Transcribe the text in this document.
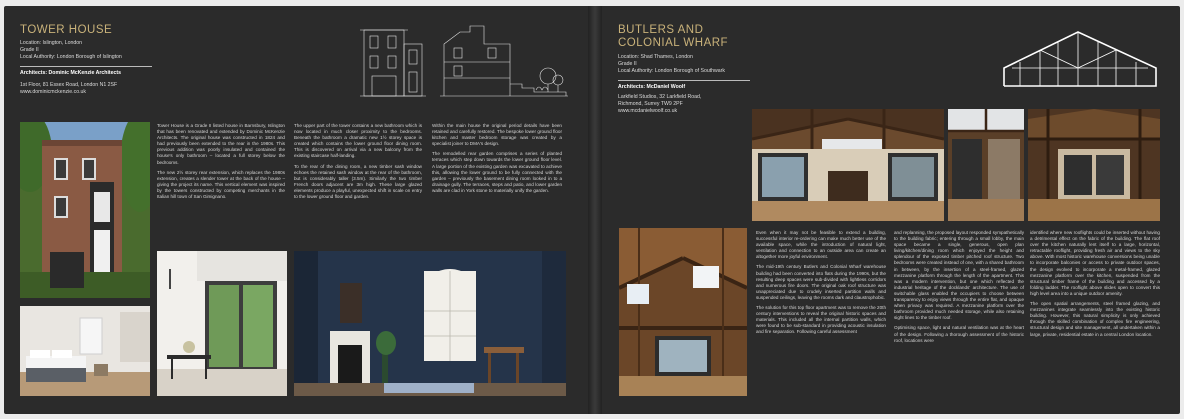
TOWER HOUSE
Location: Islington, London
Grade II
Local Authority: London Borough of Islington
Architects: Dominic McKenzie Architects
1st Floor, 81 Essex Road, London N1 2SF
www.dominicmckenzie.co.uk

Tower House is a Grade II listed house in Barnsbury, Islington that has been renovated and extended by Dominic McKenzie Architects. The original house was constructed in 1824 and had previously been extended to the rear in the 1980s. This previous addition was poorly insulated and contained the house's only bathroom – located a full storey below the bedrooms.

The new 2½ storey rear extension, which replaces the 1980s extension, creates a slender tower at the back of the house – giving the project its name. This vertical element was inspired by the towers constructed by competing merchants in the Italian hill town of San Gimignano.

The upper part of the tower contains a new bathroom which is now located in much closer proximity to the bedrooms. Beneath the bathroom a dramatic new 1½ storey space is created which contains the lower ground floor dining room. This is discovered on arrival via a new balcony from the existing staircase half-landing.

To the rear of the dining room, a new timber sash window echoes the retained sash window at the rear of the bathroom, but is considerably taller (3.5m). Similarly the two timber French doors adjacent are 3m high. These large glazed elements produce a playful, unexpected shift in scale on entry to the lower ground floor and garden.

Within the main house the original period details have been retained and carefully restored. The bespoke lower ground floor kitchen and master bedroom storage was created by a specialist joiner to DMA's design.

The remodelled rear garden comprises a series of planted terraces which step down towards the lower ground floor level. A large portion of the existing garden was excavated to achieve this, allowing the lower ground to be fully connected with the garden – previously the basement dining room looked in to a drainage gully. The terraces, steps and patio, and lower garden walls are clad in York stone to materially unify the garden.

BUTLERS AND
COLONIAL WHARF
Location: Shad Thames, London
Grade II
Local Authority: London Borough of Southwark
Architects: McDaniel Woolf
Larkfield Studios, 32 Larkfield Road,
Richmond, Surrey TW9 2PF
www.mcdanielwoolf.co.uk

Even when it may not be feasible to extend a building, successful interior re-ordering can make much better use of the available space, while the introduction of natural light, ventilation and connection to an outside area can create an altogether more joyful environment.

The mid-19th century Butlers and Colonial Wharf warehouse building had been converted into flats during the 1990s, but the resulting deep spaces were sub-divided with lightless corridors and numerous fire doors. The original oak roof structure was unappreciated due to crudely inserted partition walls and suspended ceilings, leaving the rooms dark and claustrophobic.

The solution for this top floor apartment was to remove the 20th century interventions to reveal the original historic spaces and materials. This included all the internal partition walls, which were found to be sub-standard in providing acoustic insulation and fire separation. Following careful assessment

and replanning, the proposed layout responded sympathetically to the building fabric; entering through a small lobby, the main space became a single, generous, open plan living/kitchen/dining room which enjoyed the height and splendour of the exposed timber pitched roof structure. Two bedrooms were created instead of one, with a shared bathroom in between, by the insertion of a steel-framed, glazed mezzanine platform through the length of the apartment. This was a modern intervention, but one which reflected the industrial heritage of the docklands' architecture. The use of switchable glass enabled the occupiers to choose between transparency to enjoy views through the entire flat, and opaque when privacy was required. A mezzanine platform over the bathroom provided much needed storage, while also retaining sight lines to the timber roof.

Optimising space, light and natural ventilation was at the heart of the design. Following a thorough assessment of the historic roof, locations were

identified where new rooflights could be inserted without having a detrimental effect on the fabric of the building. The flat roof over the kitchen naturally lent itself to a large, horizontal, retractable rooflight, providing fresh air and views to the sky above. With most historic warehouse conversions being unable to incorporate balconies or access to private outdoor spaces, the design evolved to incorporate a metal-framed, glazed mezzanine platform over the kitchen, suspended from the structural timber frame of the building and accessed by a folding ladder. The rooflight above slides open to convert this high level area into a unique outdoor amenity.

The open spatial arrangements, steel framed glazing, and mezzanines integrate seamlessly into the existing historic building. However, this natural simplicity is only achieved through the skilled combination of complex fire engineering, structural design and site management, all undertaken within a large, private, residential estate in a central London location.
